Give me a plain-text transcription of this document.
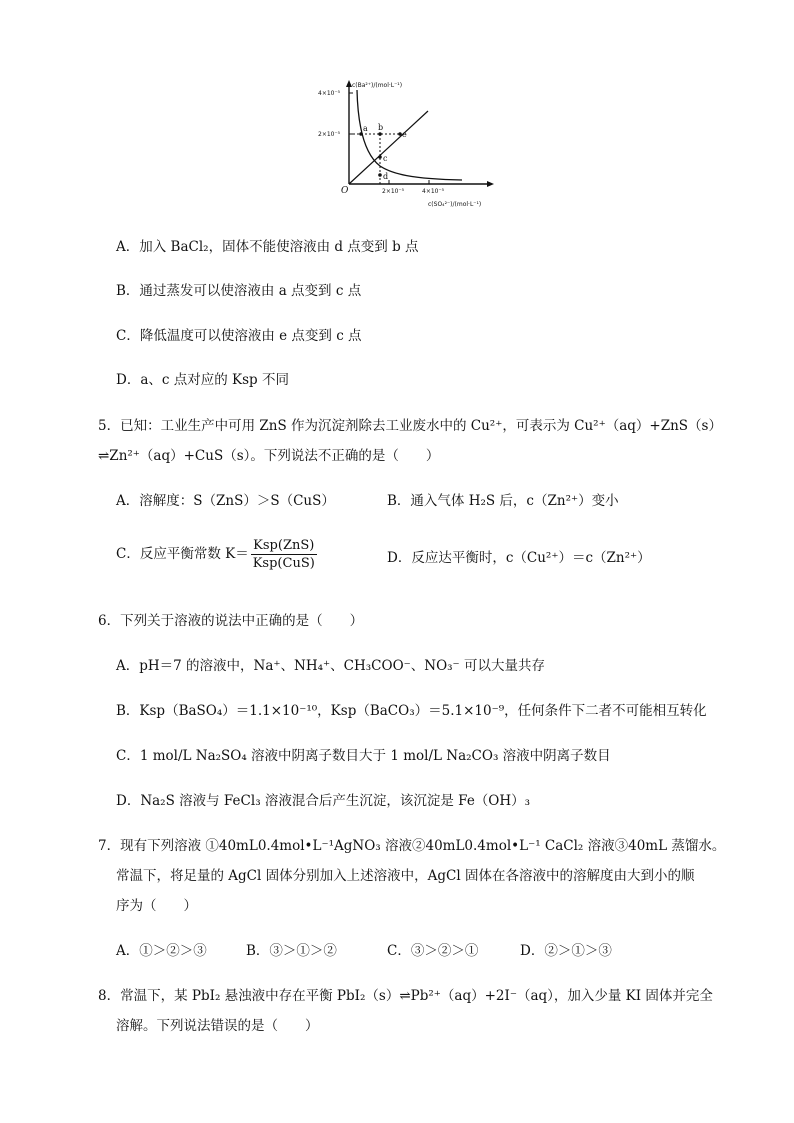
a b
c
d
e
O
c(Ba²⁺)/(mol·L⁻¹)
2×10⁻⁵
4×10⁻⁵
2×10⁻⁵	4×10⁻⁵
c(SO₄²⁻)/(mol·L⁻¹)
A．加入 BaCl₂，固体不能使溶液由 d 点变到 b 点
B．通过蒸发可以使溶液由 a 点变到 c 点
C．降低温度可以使溶液由 e 点变到 c 点
D．a、c 点对应的 Ksp 不同
5．已知：工业生产中可用 ZnS 作为沉淀剂除去工业废水中的 Cu²⁺，可表示为 Cu²⁺（aq）+ZnS（s）
⇌Zn²⁺（aq）+CuS（s）。下列说法不正确的是（　　）
A．溶解度：S（ZnS）＞S（CuS）	B．通入气体 H₂S 后，c（Zn²⁺）变小
C．反应平衡常数 $K= \frac{\text{Ksp(ZnS)}}{\text{Ksp(CuS)}}$	D．反应达平衡时，c（Cu²⁺）＝c（Zn²⁺）
6．下列关于溶液的说法中正确的是（　　）
A．pH＝7 的溶液中，Na⁺、NH₄⁺、CH₃COO⁻、NO₃⁻ 可以大量共存
B．Ksp（BaSO₄）＝1.1×10⁻¹⁰，Ksp（BaCO₃）＝5.1×10⁻⁹，任何条件下二者不可能相互转化
C．1 mol/L Na₂SO₄ 溶液中阴离子数目大于 1 mol/L Na₂CO₃ 溶液中阴离子数目
D．Na₂S 溶液与 FeCl₃ 溶液混合后产生沉淀，该沉淀是 Fe（OH）₃
7．现有下列溶液 ①40mL0.4mol•L⁻¹AgNO₃ 溶液②40mL0.4mol•L⁻¹ CaCl₂ 溶液③40mL 蒸馏水。
常温下，将足量的 AgCl 固体分别加入上述溶液中，AgCl 固体在各溶液中的溶解度由大到小的顺
序为（　　）
A．①＞②＞③	B．③＞①＞②	C．③＞②＞①	D．②＞①＞③
8．常温下，某 PbI₂ 悬浊液中存在平衡 PbI₂（s）⇌Pb²⁺（aq）+2I⁻（aq），加入少量 KI 固体并完全
溶解。下列说法错误的是（　　）
